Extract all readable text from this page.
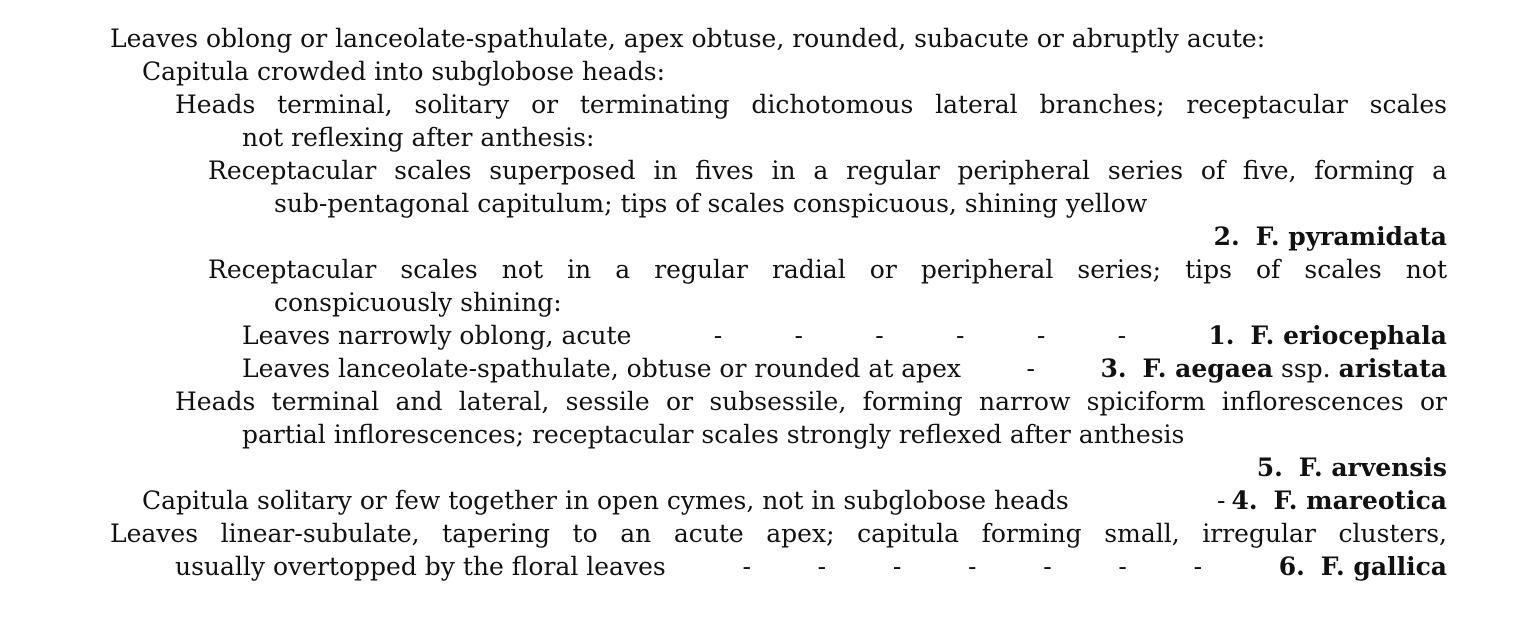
Leaves oblong or lanceolate-spathulate, apex obtuse, rounded, subacute or abruptly acute:
Capitula crowded into subglobose heads:
Heads terminal, solitary or terminating dichotomous lateral branches; receptacular scales
not reflexing after anthesis:
Receptacular scales superposed in fives in a regular peripheral series of five, forming a
sub-pentagonal capitulum; tips of scales conspicuous, shining yellow
2. F. pyramidata
Receptacular scales not in a regular radial or peripheral series; tips of scales not
conspicuously shining:
Leaves narrowly oblong, acute	-	-	-	-	-	-	1. F. eriocephala
Leaves lanceolate-spathulate, obtuse or rounded at apex	-	3. F. aegaea ssp. aristata
Heads terminal and lateral, sessile or subsessile, forming narrow spiciform inflorescences or
partial inflorescences; receptacular scales strongly reflexed after anthesis
5. F. arvensis
Capitula solitary or few together in open cymes, not in subglobose heads	- 4. F. mareotica
Leaves linear-subulate, tapering to an acute apex; capitula forming small, irregular clusters,
usually overtopped by the floral leaves	-	-	-	-	-	-	-	6. F. gallica
